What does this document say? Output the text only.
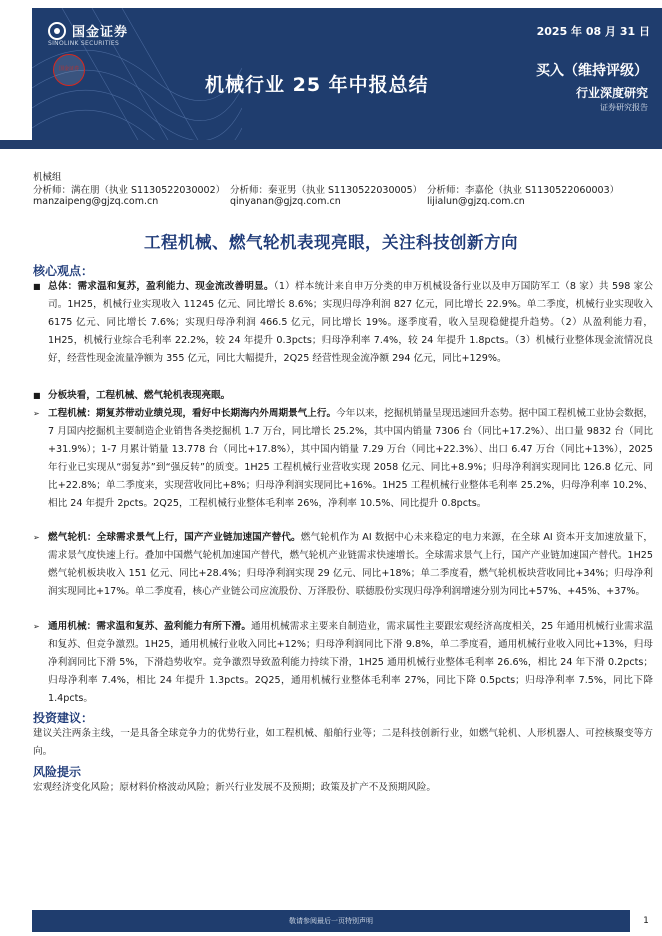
国金证券
SINOLINK SECURITIES
国金证券
2025 年 08 月 31 日
机械行业 25 年中报总结
买入（维持评级）
行业深度研究
证券研究报告
机械组
分析师：满在朋（执业 S1130522030002） 分析师：秦亚男（执业 S1130522030005） 分析师：李嘉伦（执业 S1130522060003）
manzaipeng@gjzq.com.cn	qinyanan@gjzq.com.cn	lijialun@gjzq.com.cn
工程机械、燃气轮机表现亮眼，关注科技创新方向
核心观点：
■ 总体：需求温和复苏，盈利能力、现金流改善明显。（1）样本统计来自申万分类的申万机械设备行业以及申万国防军工（8 家）共 598 家公司。1H25，机械行业实现收入 11245 亿元、同比增长 8.6%；实现归母净利润 827 亿元，同比增长 22.9%。单二季度，机械行业实现收入 6175 亿元、同比增长 7.6%；实现归母净利润 466.5 亿元，同比增长 19%。逐季度看，收入呈现稳健提升趋势。（2）从盈利能力看，1H25，机械行业综合毛利率 22.2%，较 24 年提升 0.3pcts；归母净利率 7.4%，较 24 年提升 1.8pcts。（3）机械行业整体现金流情况良好，经营性现金流量净额为 355 亿元，同比大幅提升，2Q25 经营性现金流净额 294 亿元，同比+129%。
■ 分板块看，工程机械、燃气轮机表现亮眼。
➢ 工程机械：期复苏带动业绩兑现，看好中长期海内外周期景气上行。今年以来，挖掘机销量呈现迅速回升态势。据中国工程机械工业协会数据，7 月国内挖掘机主要制造企业销售各类挖掘机 1.7 万台，同比增长 25.2%，其中国内销量 7306 台（同比+17.2%）、出口量 9832 台（同比+31.9%）；1-7 月累计销量 13.778 台（同比+17.8%），其中国内销量 7.29 万台（同比+22.3%）、出口 6.47 万台（同比+13%），2025 年行业已实现从“弱复苏”到“强反转”的质变。1H25 工程机械行业营收实现 2058 亿元、同比+8.9%；归母净利润实现同比 126.8 亿元、同比+22.8%；单二季度来，实现营收同比+8%；归母净利润实现同比+16%。1H25 工程机械行业整体毛利率 25.2%，归母净利率 10.2%、相比 24 年提升 2pcts。2Q25，工程机械行业整体毛利率 26%，净利率 10.5%、同比提升 0.8pcts。
➢ 燃气轮机：全球需求景气上行，国产产业链加速国产替代。燃气轮机作为 AI 数据中心未来稳定的电力来源，在全球 AI 资本开支加速放量下，需求景气度快速上行。叠加中国燃气轮机加速国产替代，燃气轮机产业链需求快速增长。全球需求景气上行，国产产业链加速国产替代。1H25 燃气轮机板块收入 151 亿元、同比+28.4%；归母净利润实现 29 亿元、同比+18%；单二季度看，燃气轮机板块营收同比+34%；归母净利润实现同比+17%。单二季度看，核心产业链公司应流股份、万泽股份、联德股份实现归母净利润增速分别为同比+57%、+45%、+37%。
➢ 通用机械：需求温和复苏、盈利能力有所下滑。通用机械需求主要来自制造业，需求属性主要跟宏观经济高度相关，25 年通用机械行业需求温和复苏、但竞争激烈。1H25，通用机械行业收入同比+12%；归母净利润同比下滑 9.8%，单二季度看，通用机械行业收入同比+13%，归母净利润同比下滑 5%，下滑趋势收窄。竞争激烈导致盈利能力持续下滑，1H25 通用机械行业整体毛利率 26.6%，相比 24 年下滑 0.2pcts；归母净利率 7.4%，相比 24 年提升 1.3pcts。2Q25，通用机械行业整体毛利率 27%，同比下降 0.5pcts；归母净利率 7.5%，同比下降 1.4pcts。
投资建议：
建议关注两条主线，一是具备全球竞争力的优势行业，如工程机械、船舶行业等；二是科技创新行业，如燃气轮机、人形机器人、可控核聚变等方向。
风险提示
宏观经济变化风险；原材料价格波动风险；新兴行业发展不及预期；政策及扩产不及预期风险。
敬请参阅最后一页特别声明	1
